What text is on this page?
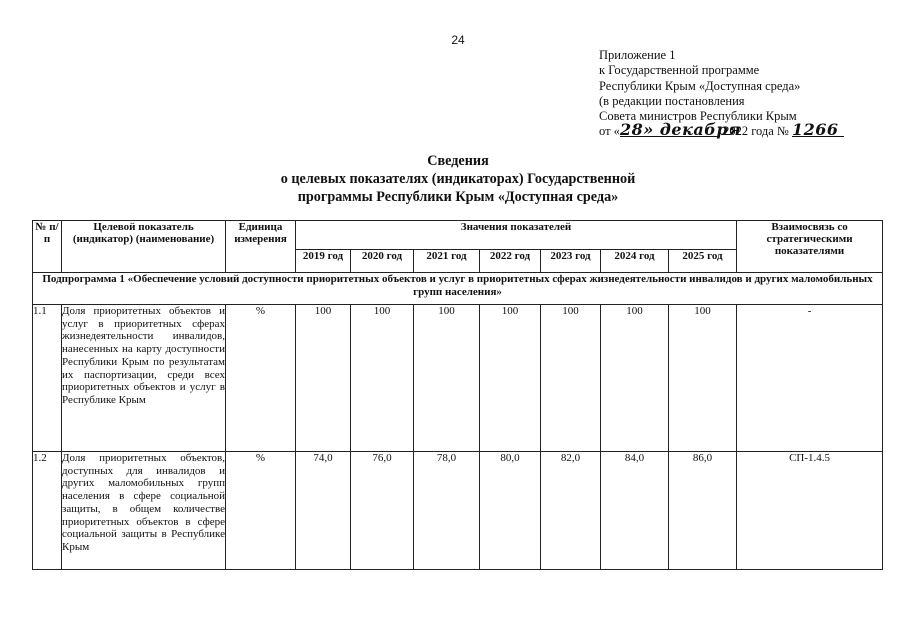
24
Приложение 1
к Государственной программе
Республики Крым «Доступная среда»
(в редакции постановления
Совета министров Республики Крым
от «28» декабря 2022 года № 1266
Сведения
о целевых показателях (индикаторах) Государственной
программы Республики Крым «Доступная среда»
№ п/п	Целевой показатель (индикатор) (наименование)	Единица измерения	Значения показателей							Взаимосвязь со стратегическими показателями
			2019 год	2020 год	2021 год	2022 год	2023 год	2024 год	2025 год	
Подпрограмма 1 «Обеспечение условий доступности приоритетных объектов и услуг в приоритетных сферах жизнедеятельности инвалидов и других маломобильных групп населения»										
1.1	Доля приоритетных объектов и услуг в приоритетных сферах жизнедеятельности инвалидов, нанесенных на карту доступности Республики Крым по результатам их паспортизации, среди всех приоритетных объектов и услуг в Республике Крым	%	100	100	100	100	100	100	100	-
1.2	Доля приоритетных объектов, доступных для инвалидов и других маломобильных групп населения в сфере социальной защиты, в общем количестве приоритетных объектов в сфере социальной защиты в Республике Крым	%	74,0	76,0	78,0	80,0	82,0	84,0	86,0	СП-1.4.5
